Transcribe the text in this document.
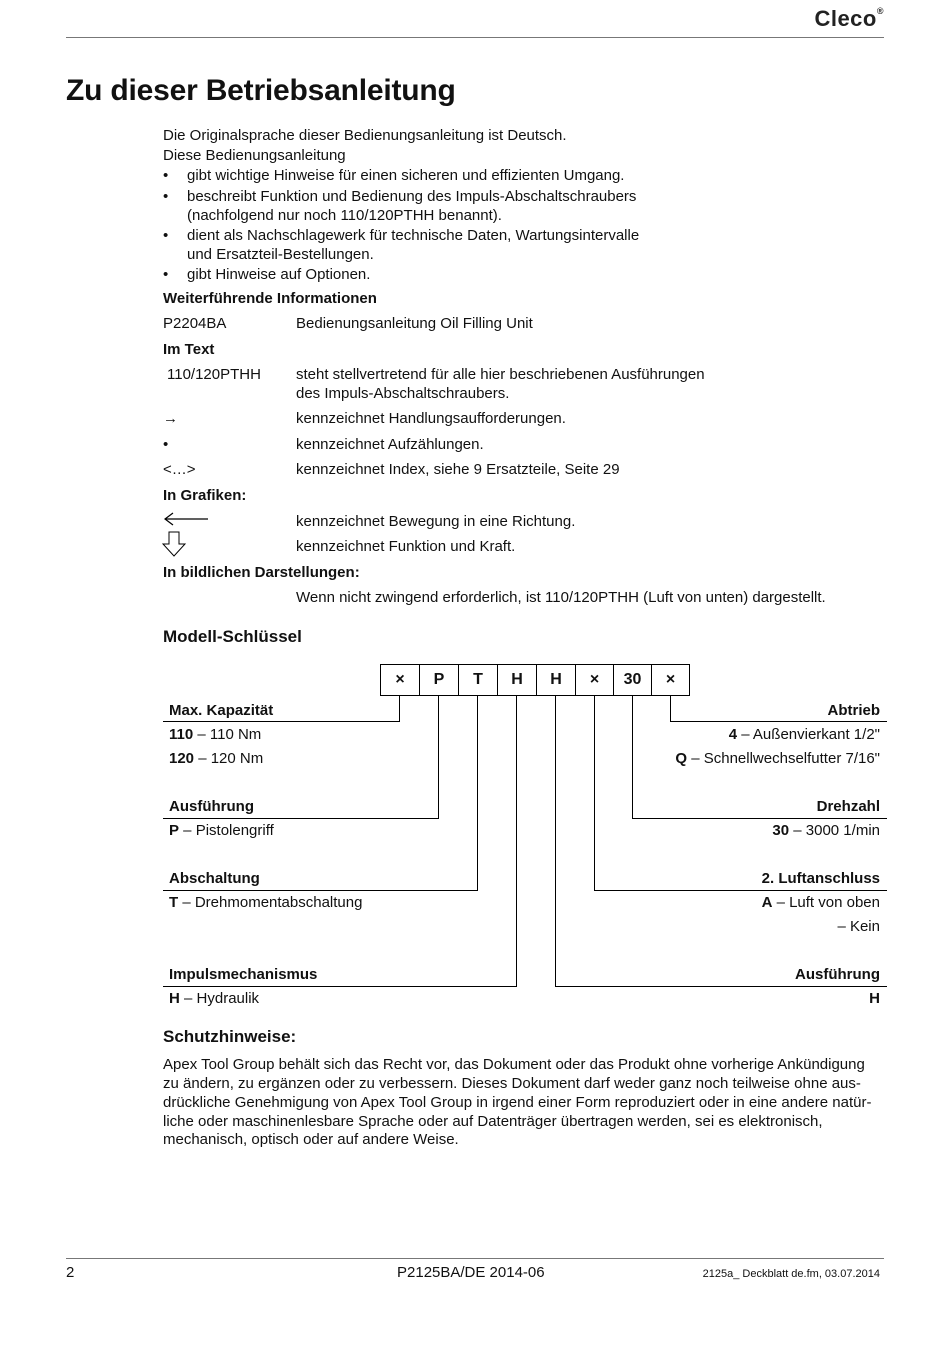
Cleco®
Zu dieser Betriebsanleitung
Die Originalsprache dieser Bedienungsanleitung ist Deutsch.
Diese Bedienungsanleitung
• gibt wichtige Hinweise für einen sicheren und effizienten Umgang.
• beschreibt Funktion und Bedienung des Impuls-Abschaltschraubers
(nachfolgend nur noch 110/120PTHH benannt).
• dient als Nachschlagewerk für technische Daten, Wartungsintervalle
und Ersatzteil-Bestellungen.
• gibt Hinweise auf Optionen.
Weiterführende Informationen
P2204BA	Bedienungsanleitung Oil Filling Unit
Im Text
110/120PTHH steht stellvertretend für alle hier beschriebenen Ausführungen
des Impuls-Abschaltschraubers.
→	kennzeichnet Handlungsaufforderungen.
•	kennzeichnet Aufzählungen.
<…>	kennzeichnet Index, siehe 9 Ersatzteile, Seite 29
In Grafiken:
kennzeichnet Bewegung in eine Richtung.
kennzeichnet Funktion und Kraft.
In bildlichen Darstellungen:
Wenn nicht zwingend erforderlich, ist 110/120PTHH (Luft von unten) dargestellt.
Modell-Schlüssel
×	P	T	H	H	×	30	×
Max. Kapazität
110 – 110 Nm
120 – 120 Nm
Ausführung
P – Pistolengriff
Abschaltung
T – Drehmomentabschaltung
Impulsmechanismus
H – Hydraulik
Abtrieb
4 – Außenvierkant 1/2"
Q – Schnellwechselfutter 7/16"
Drehzahl
30 – 3000 1/min
2. Luftanschluss
A – Luft von oben
– Kein
Ausführung
H
Schutzhinweise:
Apex Tool Group behält sich das Recht vor, das Dokument oder das Produkt ohne vorherige Ankündigung
zu ändern, zu ergänzen oder zu verbessern. Dieses Dokument darf weder ganz noch teilweise ohne aus-
drückliche Genehmigung von Apex Tool Group in irgend einer Form reproduziert oder in eine andere natür-
liche oder maschinenlesbare Sprache oder auf Datenträger übertragen werden, sei es elektronisch,
mechanisch, optisch oder auf andere Weise.
2	P2125BA/DE 2014-06	2125a_ Deckblatt de.fm, 03.07.2014
